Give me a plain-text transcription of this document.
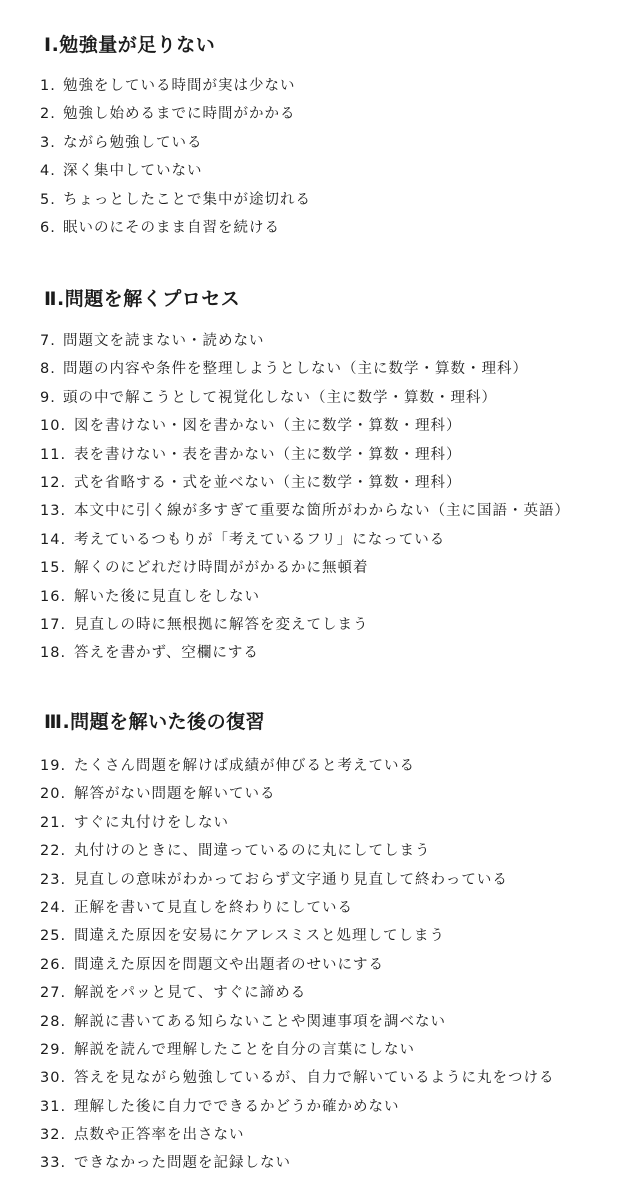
Ⅰ.勉強量が足りない
1. 勉強をしている時間が実は少ない
2. 勉強し始めるまでに時間がかかる
3. ながら勉強している
4. 深く集中していない
5. ちょっとしたことで集中が途切れる
6. 眠いのにそのまま自習を続ける
Ⅱ.問題を解くプロセス
7. 問題文を読まない・読めない
8. 問題の内容や条件を整理しようとしない（主に数学・算数・理科）
9. 頭の中で解こうとして視覚化しない（主に数学・算数・理科）
10. 図を書けない・図を書かない（主に数学・算数・理科）
11. 表を書けない・表を書かない（主に数学・算数・理科）
12. 式を省略する・式を並べない（主に数学・算数・理科）
13. 本文中に引く線が多すぎて重要な箇所がわからない（主に国語・英語）
14. 考えているつもりが「考えているフリ」になっている
15. 解くのにどれだけ時間ががかるかに無頓着
16. 解いた後に見直しをしない
17. 見直しの時に無根拠に解答を変えてしまう
18. 答えを書かず、空欄にする
Ⅲ.問題を解いた後の復習
19. たくさん問題を解けば成績が伸びると考えている
20. 解答がない問題を解いている
21. すぐに丸付けをしない
22. 丸付けのときに、間違っているのに丸にしてしまう
23. 見直しの意味がわかっておらず文字通り見直して終わっている
24. 正解を書いて見直しを終わりにしている
25. 間違えた原因を安易にケアレスミスと処理してしまう
26. 間違えた原因を問題文や出題者のせいにする
27. 解説をパッと見て、すぐに諦める
28. 解説に書いてある知らないことや関連事項を調べない
29. 解説を読んで理解したことを自分の言葉にしない
30. 答えを見ながら勉強しているが、自力で解いているように丸をつける
31. 理解した後に自力でできるかどうか確かめない
32. 点数や正答率を出さない
33. できなかった問題を記録しない
